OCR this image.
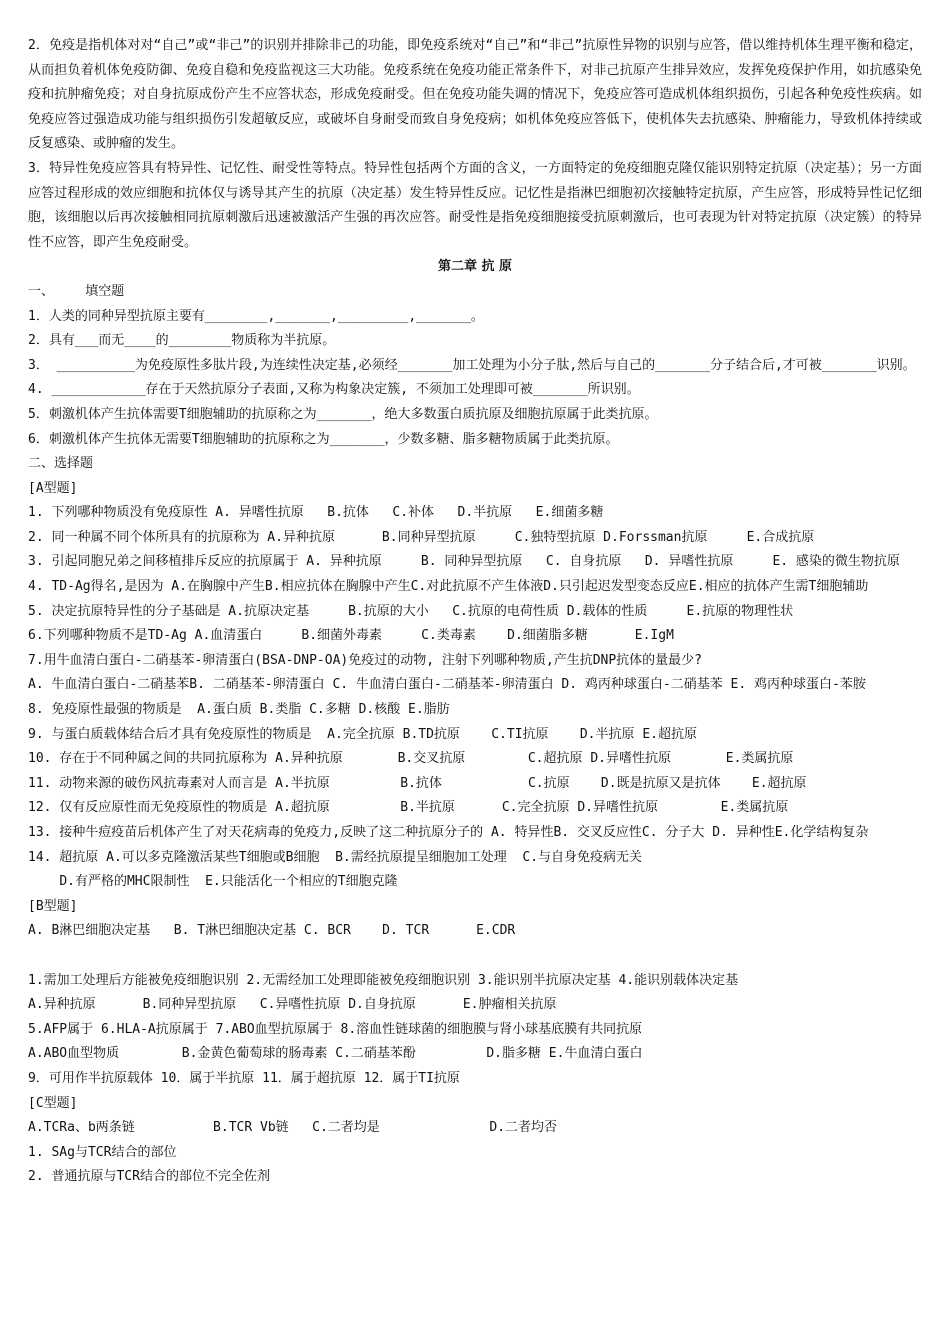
2．免疫是指机体对对“自己”或“非己”的识别并排除非己的功能，即免疫系统对“自己”和“非己”抗原性异物的识别与应答，借以维持机体生理平衡和稳定，从而担负着机体免疫防御、免疫自稳和免疫监视这三大功能。免疫系统在免疫功能正常条件下，对非己抗原产生排异效应，发挥免疫保护作用，如抗感染免疫和抗肿瘤免疫；对自身抗原成份产生不应答状态，形成免疫耐受。但在免疫功能失调的情况下，免疫应答可造成机体组织损伤，引起各种免疫性疾病。如免疫应答过强造成功能与组织损伤引发超敏反应，或破坏自身耐受而致自身免疫病；如机体免疫应答低下，使机体失去抗感染、肿瘤能力，导致机体持续或反复感染、或肿瘤的发生。

3．特异性免疫应答具有特异性、记忆性、耐受性等特点。特异性包括两个方面的含义，一方面特定的免疫细胞克隆仅能识别特定抗原（决定基）；另一方面应答过程形成的效应细胞和抗体仅与诱导其产生的抗原（决定基）发生特异性反应。记忆性是指淋巴细胞初次接触特定抗原，产生应答，形成特异性记忆细胞，该细胞以后再次接触相同抗原刺激后迅速被激活产生强的再次应答。耐受性是指免疫细胞接受抗原刺激后，也可表现为针对特定抗原（决定簇）的特异性不应答，即产生免疫耐受。

第二章 抗 原

一、    填空题

1．人类的同种异型抗原主要有________,_______,_________,_______。

2．具有___而无____的________物质称为半抗原。

3． __________为免疫原性多肽片段,为连续性决定基,必须经_______加工处理为小分子肽,然后与自己的_______分子结合后,才可被_______识别。

4. ____________存在于天然抗原分子表面,又称为构象决定簇, 不须加工处理即可被_______所识别。

5．刺激机体产生抗体需要T细胞辅助的抗原称之为_______，绝大多数蛋白质抗原及细胞抗原属于此类抗原。

6．刺激机体产生抗体无需要T细胞辅助的抗原称之为_______，少数多糖、脂多糖物质属于此类抗原。

二、选择题

[A型题]

1. 下列哪种物质没有免疫原性 A. 异嗜性抗原   B.抗体   C.补体   D.半抗原   E.细菌多糖

2. 同一种属不同个体所具有的抗原称为 A.异种抗原      B.同种异型抗原     C.独特型抗原 D.Forssman抗原     E.合成抗原

3. 引起同胞兄弟之间移植排斥反应的抗原属于 A. 异种抗原     B. 同种异型抗原   C. 自身抗原   D. 异嗜性抗原     E. 感染的微生物抗原

4. TD-Ag得名,是因为 A.在胸腺中产生B.相应抗体在胸腺中产生C.对此抗原不产生体液D.只引起迟发型变态反应E.相应的抗体产生需T细胞辅助

5. 决定抗原特异性的分子基础是 A.抗原决定基     B.抗原的大小   C.抗原的电荷性质 D.载体的性质     E.抗原的物理性状

6.下列哪种物质不是TD-Ag A.血清蛋白     B.细菌外毒素     C.类毒素    D.细菌脂多糖      E.IgM

7.用牛血清白蛋白-二硝基苯-卵清蛋白(BSA-DNP-OA)免疫过的动物, 注射下列哪种物质,产生抗DNP抗体的量最少?

A. 牛血清白蛋白-二硝基苯B. 二硝基苯-卵清蛋白 C. 牛血清白蛋白-二硝基苯-卵清蛋白 D. 鸡丙种球蛋白-二硝基苯 E. 鸡丙种球蛋白-苯胺

8. 免疫原性最强的物质是  A.蛋白质 B.类脂 C.多糖 D.核酸 E.脂肪

9. 与蛋白质载体结合后才具有免疫原性的物质是  A.完全抗原 B.TD抗原    C.TI抗原    D.半抗原 E.超抗原

10. 存在于不同种属之间的共同抗原称为 A.异种抗原       B.交叉抗原        C.超抗原 D.异嗜性抗原       E.类属抗原

11. 动物来源的破伤风抗毒素对人而言是 A.半抗原         B.抗体           C.抗原    D.既是抗原又是抗体    E.超抗原

12. 仅有反应原性而无免疫原性的物质是 A.超抗原         B.半抗原      C.完全抗原 D.异嗜性抗原        E.类属抗原

13. 接种牛痘疫苗后机体产生了对天花病毒的免疫力,反映了这二种抗原分子的 A. 特异性B. 交叉反应性C. 分子大 D. 异种性E.化学结构复杂

14. 超抗原 A.可以多克隆激活某些T细胞或B细胞  B.需经抗原提呈细胞加工处理  C.与自身免疫病无关

D.有严格的MHC限制性  E.只能活化一个相应的T细胞克隆

[B型题]

A. B淋巴细胞决定基   B. T淋巴细胞决定基 C. BCR    D. TCR      E.CDR

1.需加工处理后方能被免疫细胞识别 2.无需经加工处理即能被免疫细胞识别 3.能识别半抗原决定基 4.能识别载体决定基

A.异种抗原      B.同种异型抗原   C.异嗜性抗原 D.自身抗原      E.肿瘤相关抗原

5.AFP属于 6.HLA-A抗原属于 7.ABO血型抗原属于 8.溶血性链球菌的细胞膜与肾小球基底膜有共同抗原

A.ABO血型物质        B.金黄色葡萄球的肠毒素 C.二硝基苯酚         D.脂多糖 E.牛血清白蛋白

9．可用作半抗原载体 10．属于半抗原 11．属于超抗原 12．属于TI抗原

[C型题]

A.TCRa、b两条链          B.TCR Vb链   C.二者均是              D.二者均否

1. SAg与TCR结合的部位

2. 普通抗原与TCR结合的部位不完全佐剂
